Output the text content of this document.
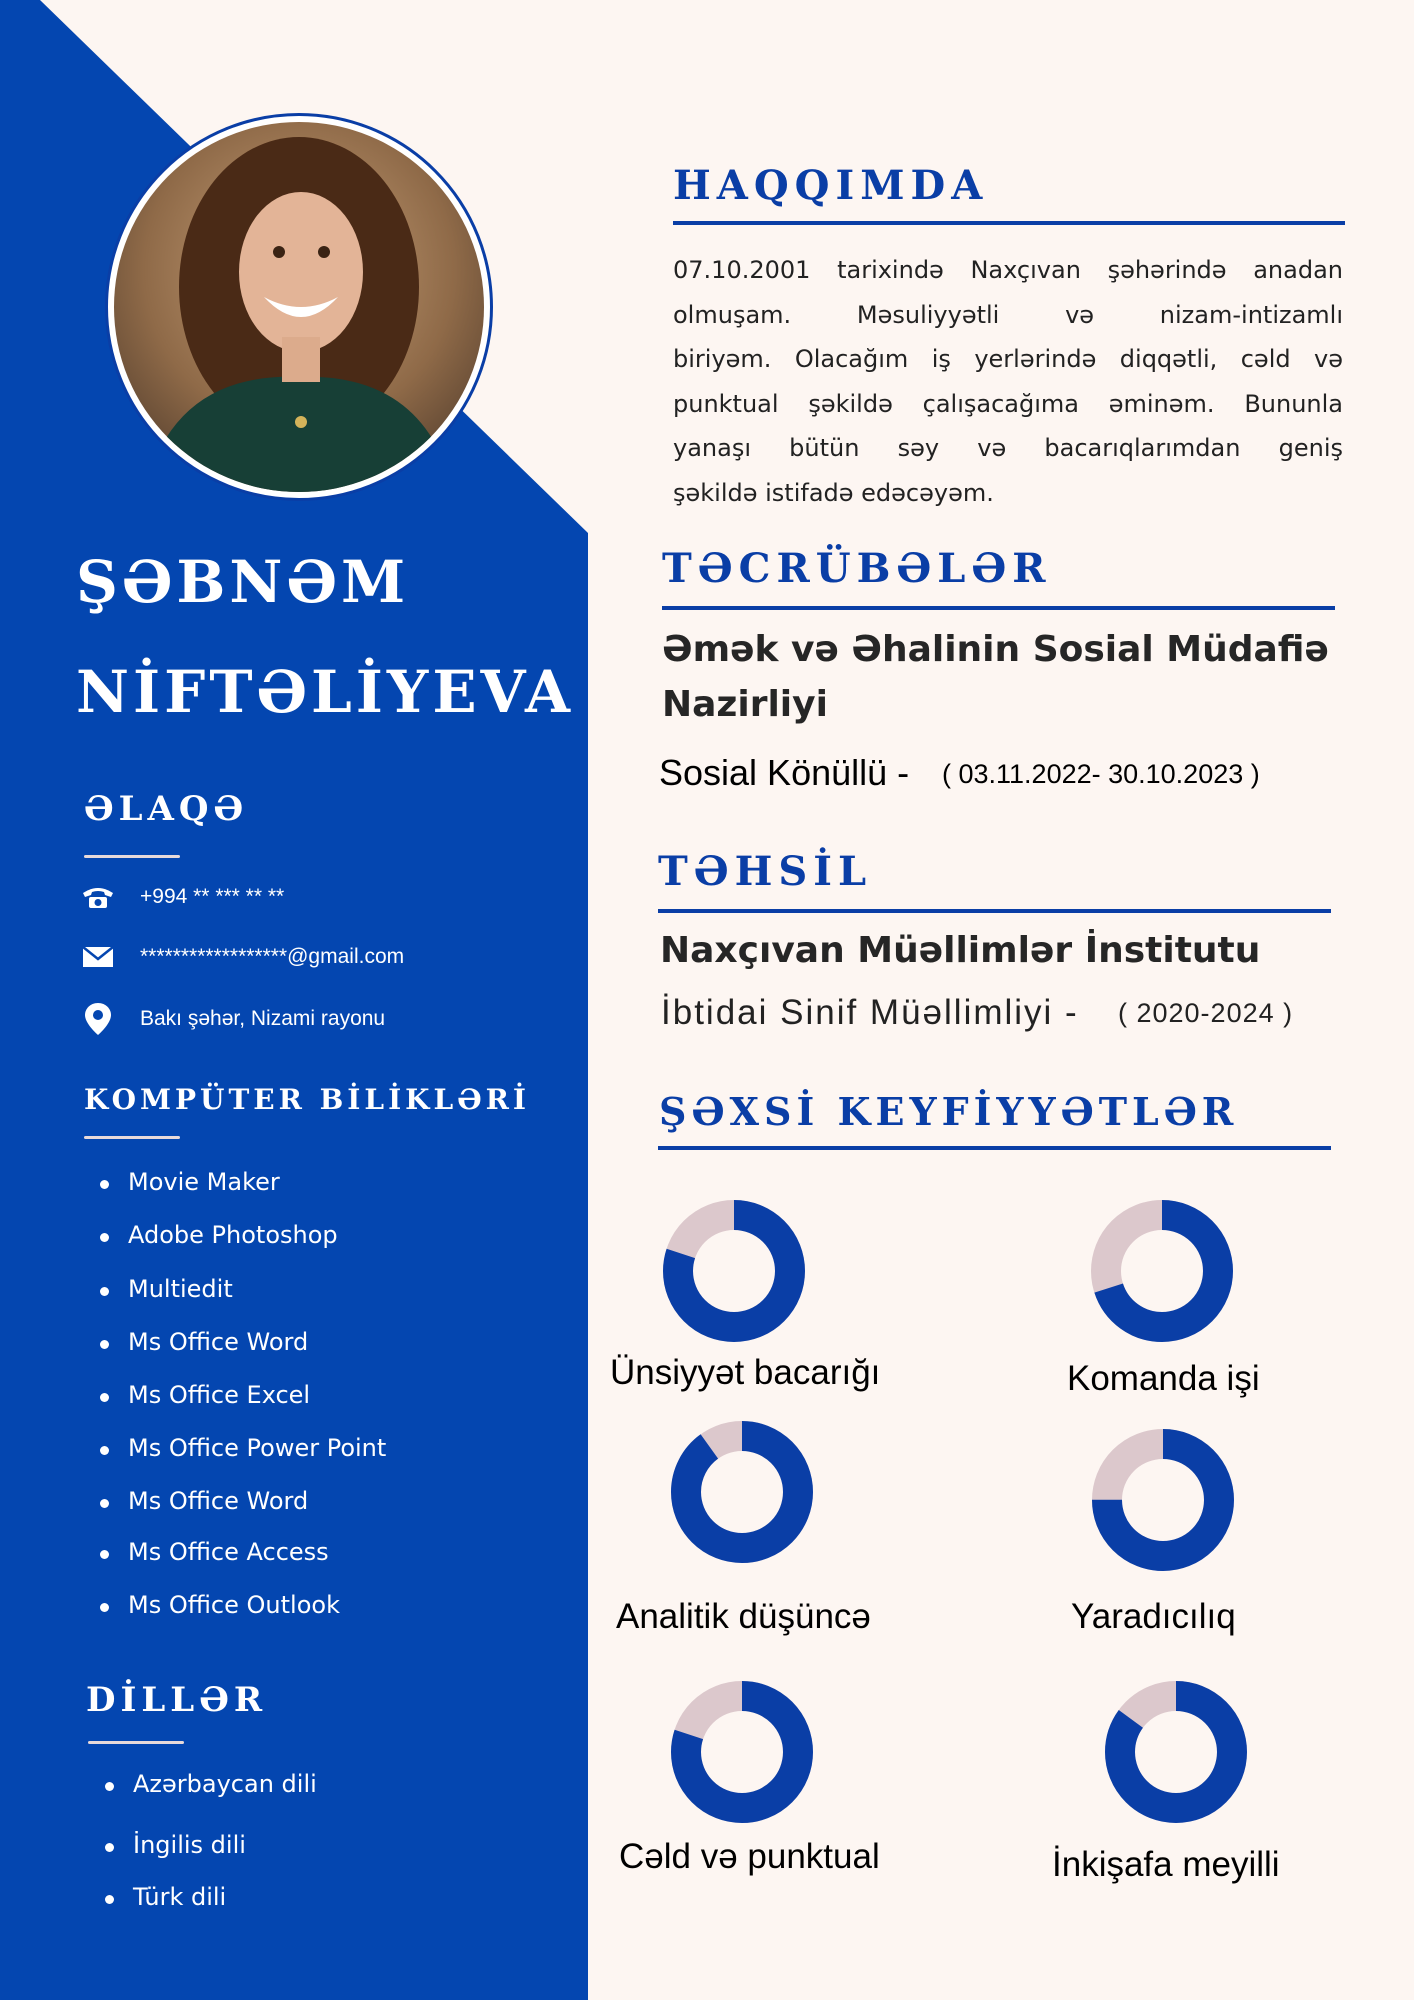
ŞƏBNƏM
NİFTƏLİYEVA
ƏLAQƏ
+994 ** *** ** **
******************@gmail.com
Bakı şəhər, Nizami rayonu
KOMPÜTER BİLİKLƏRİ
Movie Maker
Adobe Photoshop
Multiedit
Ms Office Word
Ms Office Excel
Ms Office Power Point
Ms Office Word
Ms Office Access
Ms Office Outlook
DİLLƏR
Azərbaycan dili
İngilis dili
Türk dili
HAQQIMDA
07.10.2001 tarixində Naxçıvan şəhərində anadan
olmuşam. Məsuliyyətli və nizam-intizamlı
biriyəm. Olacağım iş yerlərində diqqətli, cəld və
punktual şəkildə çalışacağıma əminəm. Bununla
yanaşı bütün səy və bacarıqlarımdan geniş
şəkildə istifadə edəcəyəm.
TƏCRÜBƏLƏR
Əmək və Əhalinin Sosial Müdafiə
Nazirliyi
Sosial Könüllü - ( 03.11.2022- 30.10.2023 )
TƏHSİL
Naxçıvan Müəllimlər İnstitutu
İbtidai Sinif Müəllimliyi - ( 2020-2024 )
ŞƏXSİ KEYFİYYƏTLƏR
Ünsiyyət bacarığı	Komanda işi
Analitik düşüncə	Yaradıcılıq
Cəld və punktual	İnkişafa meyilli
